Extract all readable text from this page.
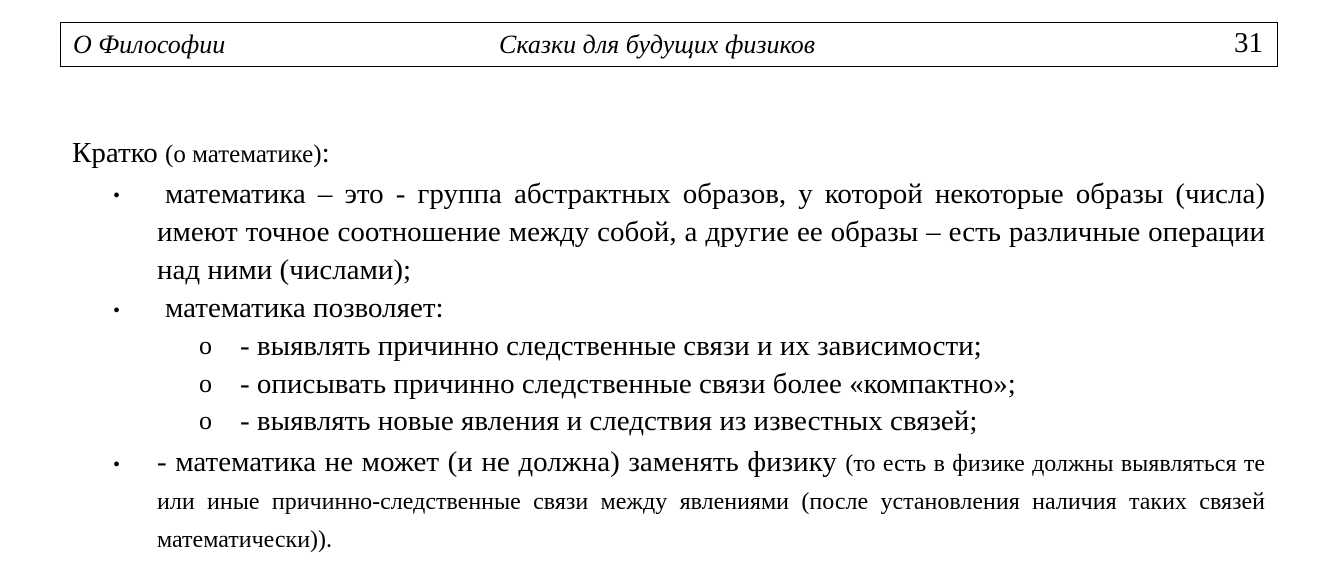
О Философии	Сказки для будущих физиков	31
Кратко (о математике):
• математика – это - группа абстрактных образов, у которой некоторые образы (числа) имеют точное соотношение между собой, а другие ее образы – есть различные операции над ними (числами);
• математика позволяет:
o - выявлять причинно следственные связи и их зависимости;
o - описывать причинно следственные связи более «компактно»;
o - выявлять новые явления и следствия из известных связей;
• - математика не может (и не должна) заменять физику (то есть в физике должны выявляться те или иные причинно-следственные связи между явлениями (после установления наличия таких связей математически)).
